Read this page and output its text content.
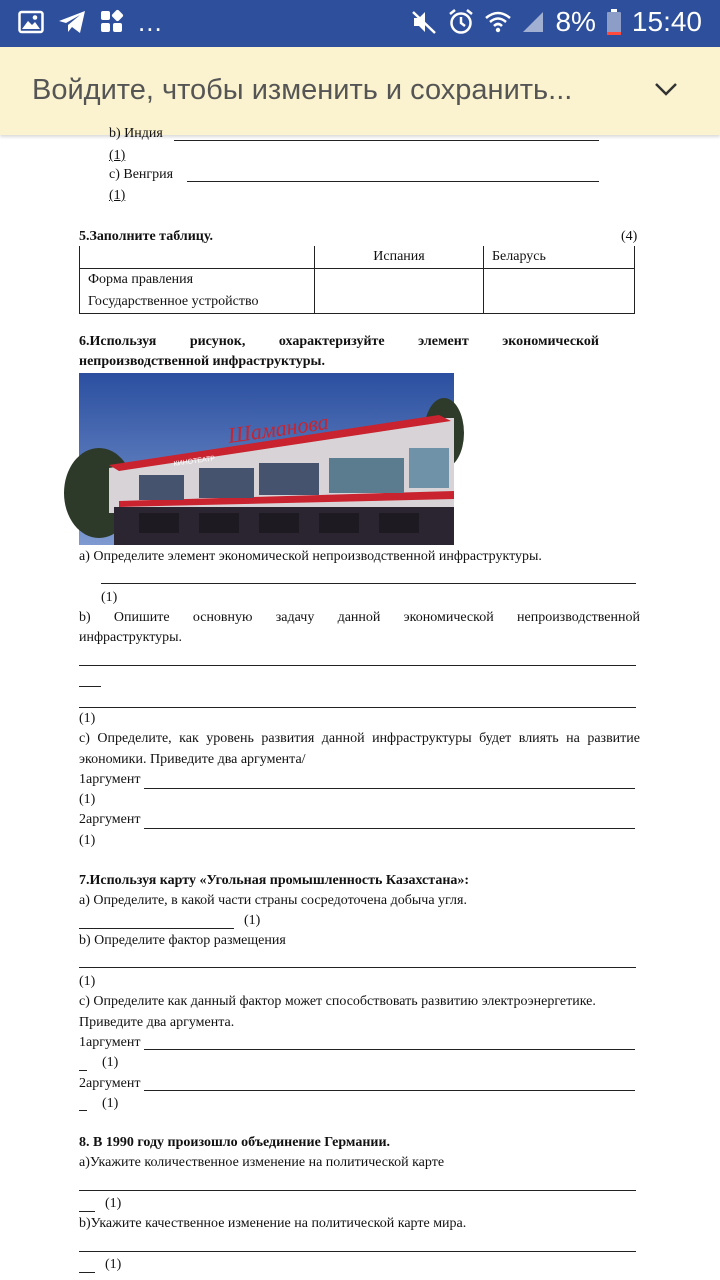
...	8% 15:40
Войдите, чтобы изменить и сохранить...
b) Индия
(1)
c) Венгрия
(1)
5.Заполните таблицу.	(4)
	Испания	Беларусь
Форма правления		
Государственное устройство		
6.Используя рисунок, охарактеризуйте элемент экономической
непроизводственной инфраструктуры.
Шаманова
КИНОТЕАТР
a) Определите элемент экономической непроизводственной инфраструктуры.
(1)
b) Опишите основную задачу данной экономической непроизводственной
инфраструктуры.
(1)
c) Определите, как уровень развития данной инфраструктуры будет влиять на развитие
экономики. Приведите два аргумента/
1аргумент
(1)
2аргумент
(1)
7.Используя карту «Угольная промышленность Казахстана»:
a) Определите, в какой части страны сосредоточена добыча угля.
(1)
b) Определите фактор размещения
(1)
c) Определите как данный фактор может способствовать развитию электроэнергетике.
Приведите два аргумента.
1аргумент
(1)
2аргумент
(1)
8. В 1990 году произошло объединение Германии.
a)Укажите количественное изменение на политической карте
(1)
b)Укажите качественное изменение на политической карте мира.
(1)
